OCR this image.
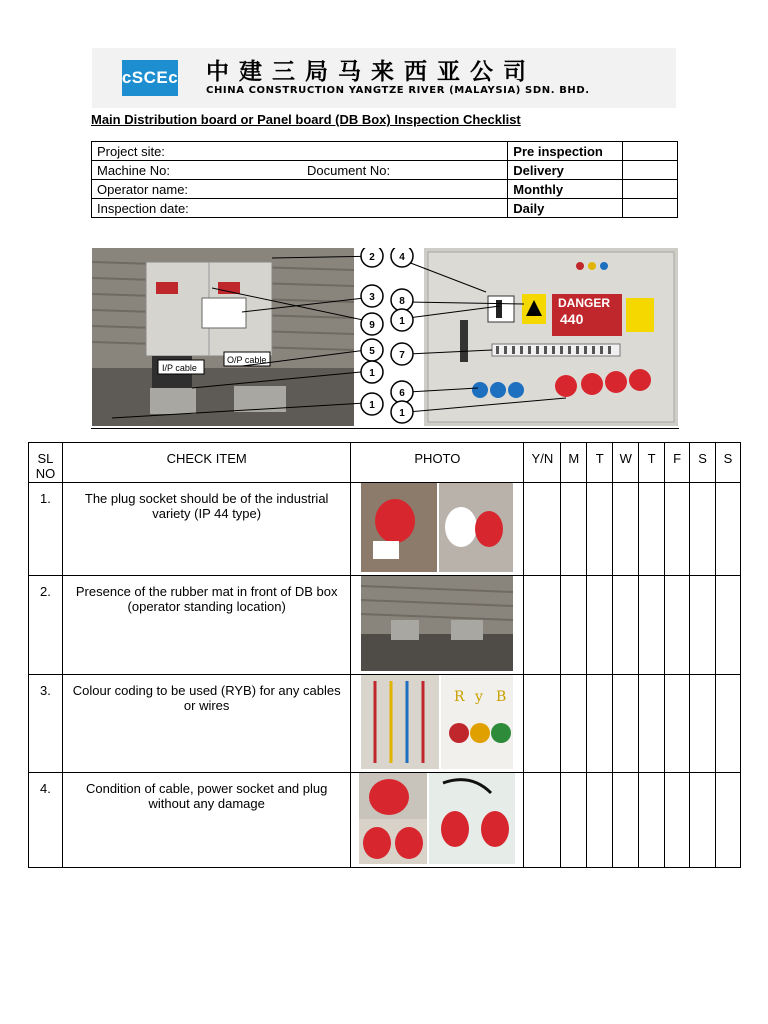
cSCEc 中建三局马来西亚公司
CHINA CONSTRUCTION YANGTZE RIVER (MALAYSIA) SDN. BHD.
Main Distribution board or Panel board (DB Box) Inspection Checklist
Project site:	Pre inspection	
Machine No: Document No:	Delivery	
Operator name:	Monthly	
Inspection date:	Daily	
I/P cable
O/P cable
DANGER
440
2 4
3 8
9 1
5 7
1
6
1
1
SL NO	CHECK ITEM	PHOTO	Y/N	M	T	W	T	F	S	S
1.	The plug socket should be of the industrial variety (IP 44 type)									
2.	Presence of the rubber mat in front of DB box (operator standing location)									
3.	Colour coding to be used (RYB) for any cables or wires	R y B								

4.	Condition of cable, power socket and plug without any damage									
